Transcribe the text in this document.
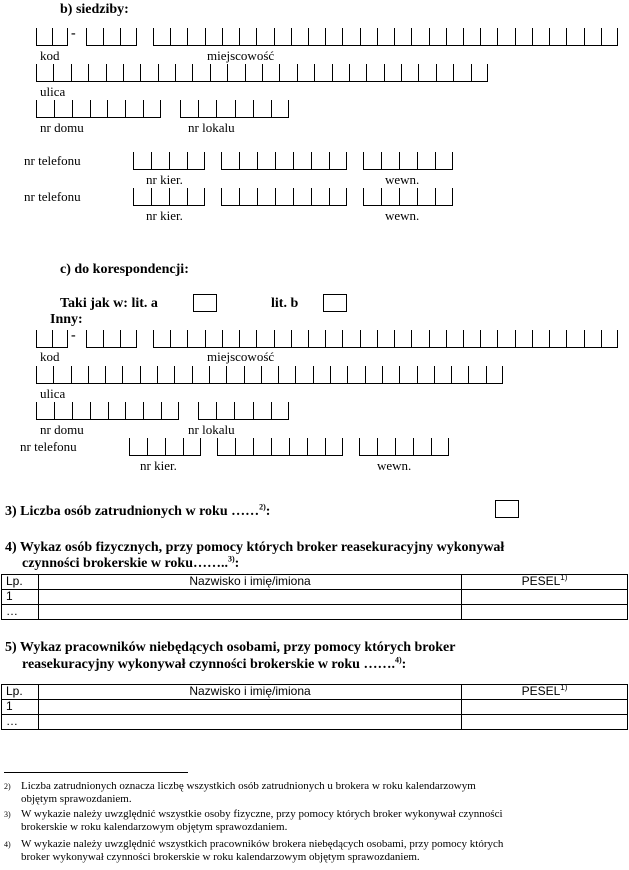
b) siedziby:
-
kod	miejscowość
ulica
nr domu	nr lokalu
nr telefonu
nr kier.	wewn.
nr telefonu
nr kier.	wewn.
c) do korespondencji:
Taki jak w: lit. a	lit. b
Inny:
-
kod	miejscowość
ulica
nr domu	nr lokalu
nr telefonu
nr kier.	wewn.
3) Liczba osób zatrudnionych w roku ……$^{2)}$:
4) Wykaz osób fizycznych, przy pomocy których broker reasekuracyjny wykonywał
czynności brokerskie w roku……..$^{3)}$:
Lp.	Nazwisko i imię/imiona	PESEL$^{1)}$
1		
…		
5) Wykaz pracowników niebędących osobami, przy pomocy których broker
reasekuracyjny wykonywał czynności brokerskie w roku …….$^{4)}$:
Lp.	Nazwisko i imię/imiona	PESEL$^{1)}$
1		
…		
2) Liczba zatrudnionych oznacza liczbę wszystkich osób zatrudnionych u brokera w roku kalendarzowym
objętym sprawozdaniem.
3) W wykazie należy uwzględnić wszystkie osoby fizyczne, przy pomocy których broker wykonywał czynności
brokerskie w roku kalendarzowym objętym sprawozdaniem.
4) W wykazie należy uwzględnić wszystkich pracowników brokera niebędących osobami, przy pomocy których
broker wykonywał czynności brokerskie w roku kalendarzowym objętym sprawozdaniem.
